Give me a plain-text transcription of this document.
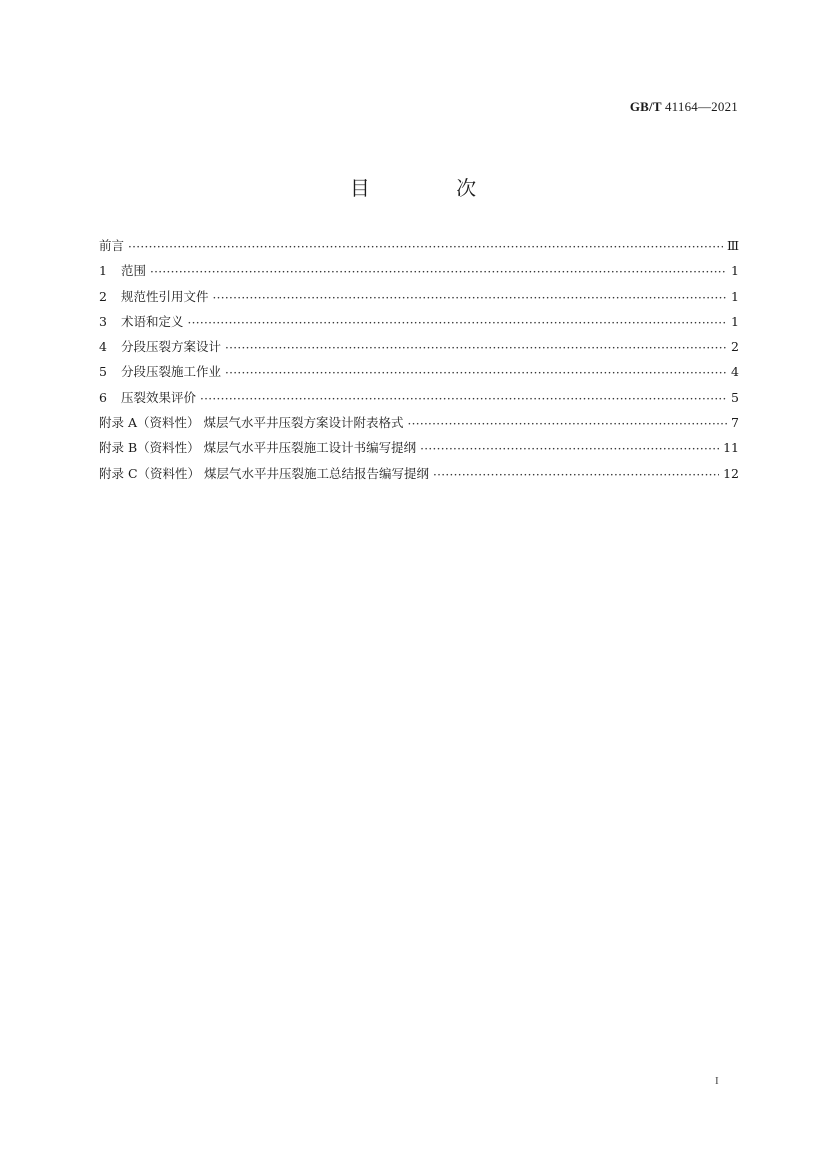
GB/T 41164—2021
目 次
前言 ·····	Ⅲ
1 范围 ·····	1
2 规范性引用文件 ·····	1
3 术语和定义 ·····	1
4 分段压裂方案设计 ·····	2
5 分段压裂施工作业 ·····	4
6 压裂效果评价 ·····	5
附录 A（资料性） 煤层气水平井压裂方案设计附表格式 ·····	7
附录 B（资料性） 煤层气水平井压裂施工设计书编写提纲 ·····	11
附录 C（资料性） 煤层气水平井压裂施工总结报告编写提纲 ·····	12
I
